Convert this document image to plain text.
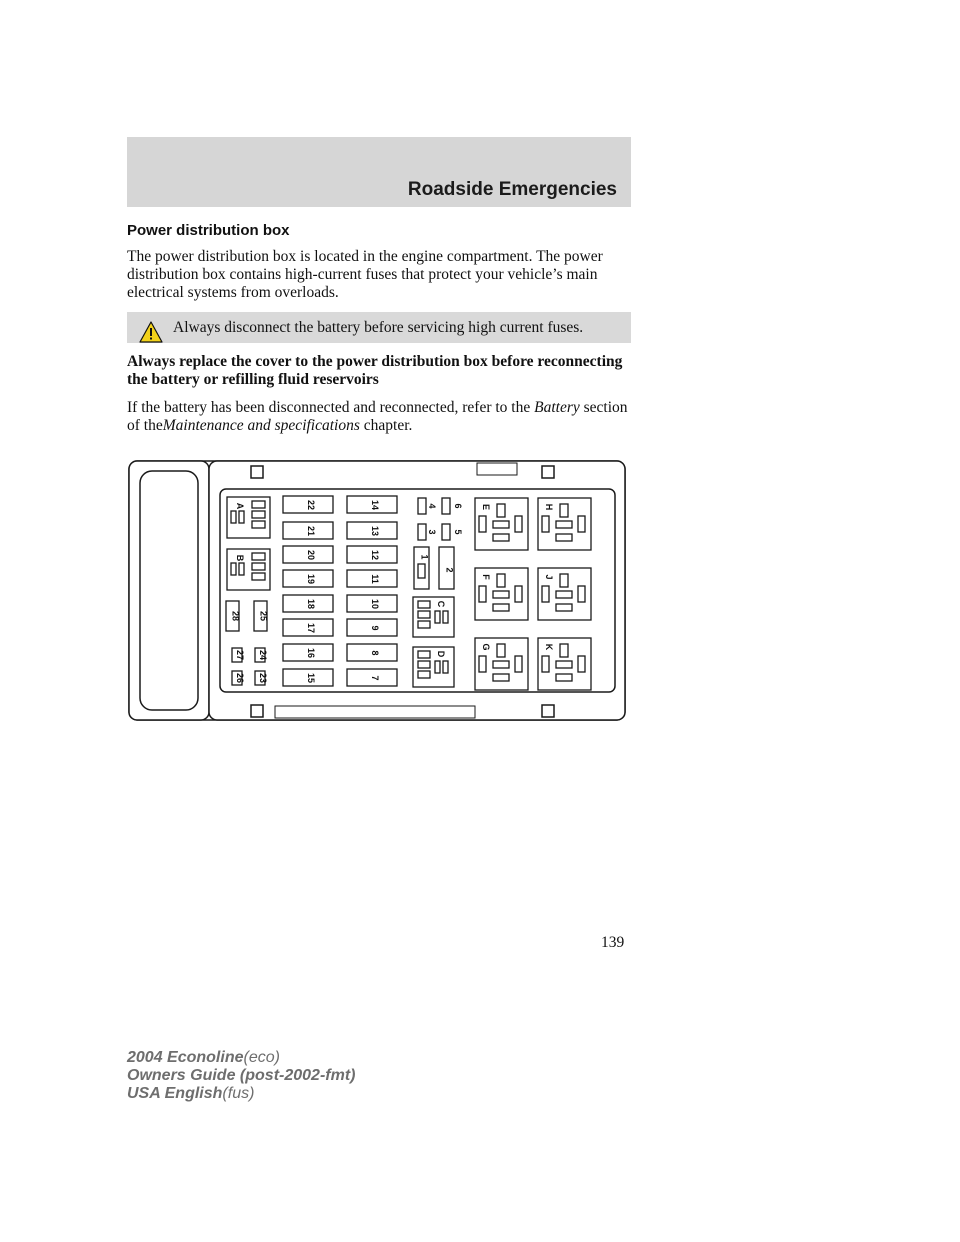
Roadside Emergencies
Power distribution box

The power distribution box is located in the engine compartment. The power distribution box contains high-current fuses that protect your vehicle’s main electrical systems from overloads.

Always disconnect the battery before servicing high current fuses.

Always replace the cover to the power distribution box before reconnecting the battery or refilling fluid reservoirs

If the battery has been disconnected and reconnected, refer to the Battery section of theMaintenance and specifications chapter.

A
B
28 25
27 24
26 23
22
21
20
19
18
17
16
15
14
13
12
11
10
9
8
7
4 6
3 5
1
2
C
D
E
F
G
H
J
K
139
2004 Econoline(eco)
Owners Guide (post-2002-fmt)
USA English(fus)
